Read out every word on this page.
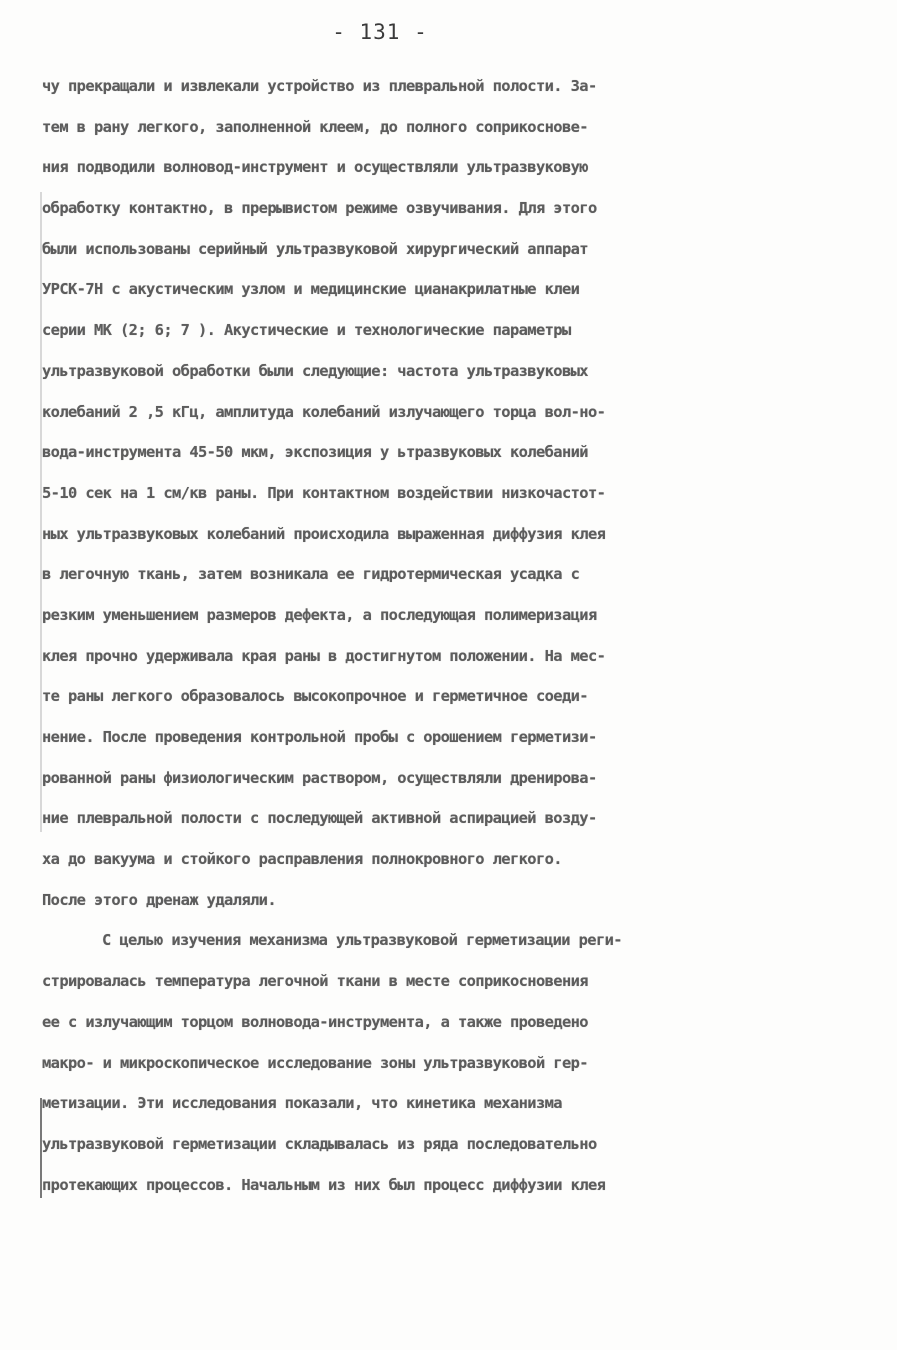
- 131 -
чу прекращали и извлекали устройство из плевральной полости. За-
тем в рану легкого, заполненной клеем, до полного соприкоснове-
ния подводили волновод-инструмент и осуществляли ультразвуковую
обработку контактно, в прерывистом режиме озвучивания. Для этого
были использованы серийный ультразвуковой хирургический аппарат
УРСК-7Н с акустическим узлом и медицинские цианакрилатные клеи
серии МК (2; 6; 7 ). Акустические и технологические параметры
ультразвуковой обработки были следующие: частота ультразвуковых
колебаний 2 ,5 кГц, амплитуда колебаний излучающего торца вол-но-
вода-инструмента 45-50 мкм, экспозиция у ьтразвуковых колебаний
5-10 сек на 1 см/кв раны. При контактном воздействии низкочастот-
ных ультразвуковых колебаний происходила выраженная диффузия клея
в легочную ткань, затем возникала ее гидротермическая усадка с
резким уменьшением размеров дефекта, а последующая полимеризация
клея прочно удерживала края раны в достигнутом положении. На мес-
те раны легкого образовалось высокопрочное и герметичное соеди-
нение. После проведения контрольной пробы с орошением герметизи-
рованной раны физиологическим раствором, осуществляли дренирова-
ние плевральной полости с последующей активной аспирацией возду-
ха до вакуума и стойкого расправления полнокровного легкого.
После этого дренаж удаляли.
С целью изучения механизма ультразвуковой герметизации реги-
стрировалась температура легочной ткани в месте соприкосновения
ее с излучающим торцом волновода-инструмента, а также проведено
макро- и микроскопическое исследование зоны ультразвуковой гер-
метизации. Эти исследования показали, что кинетика механизма
ультразвуковой герметизации складывалась из ряда последовательно
протекающих процессов. Начальным из них был процесс диффузии клея
